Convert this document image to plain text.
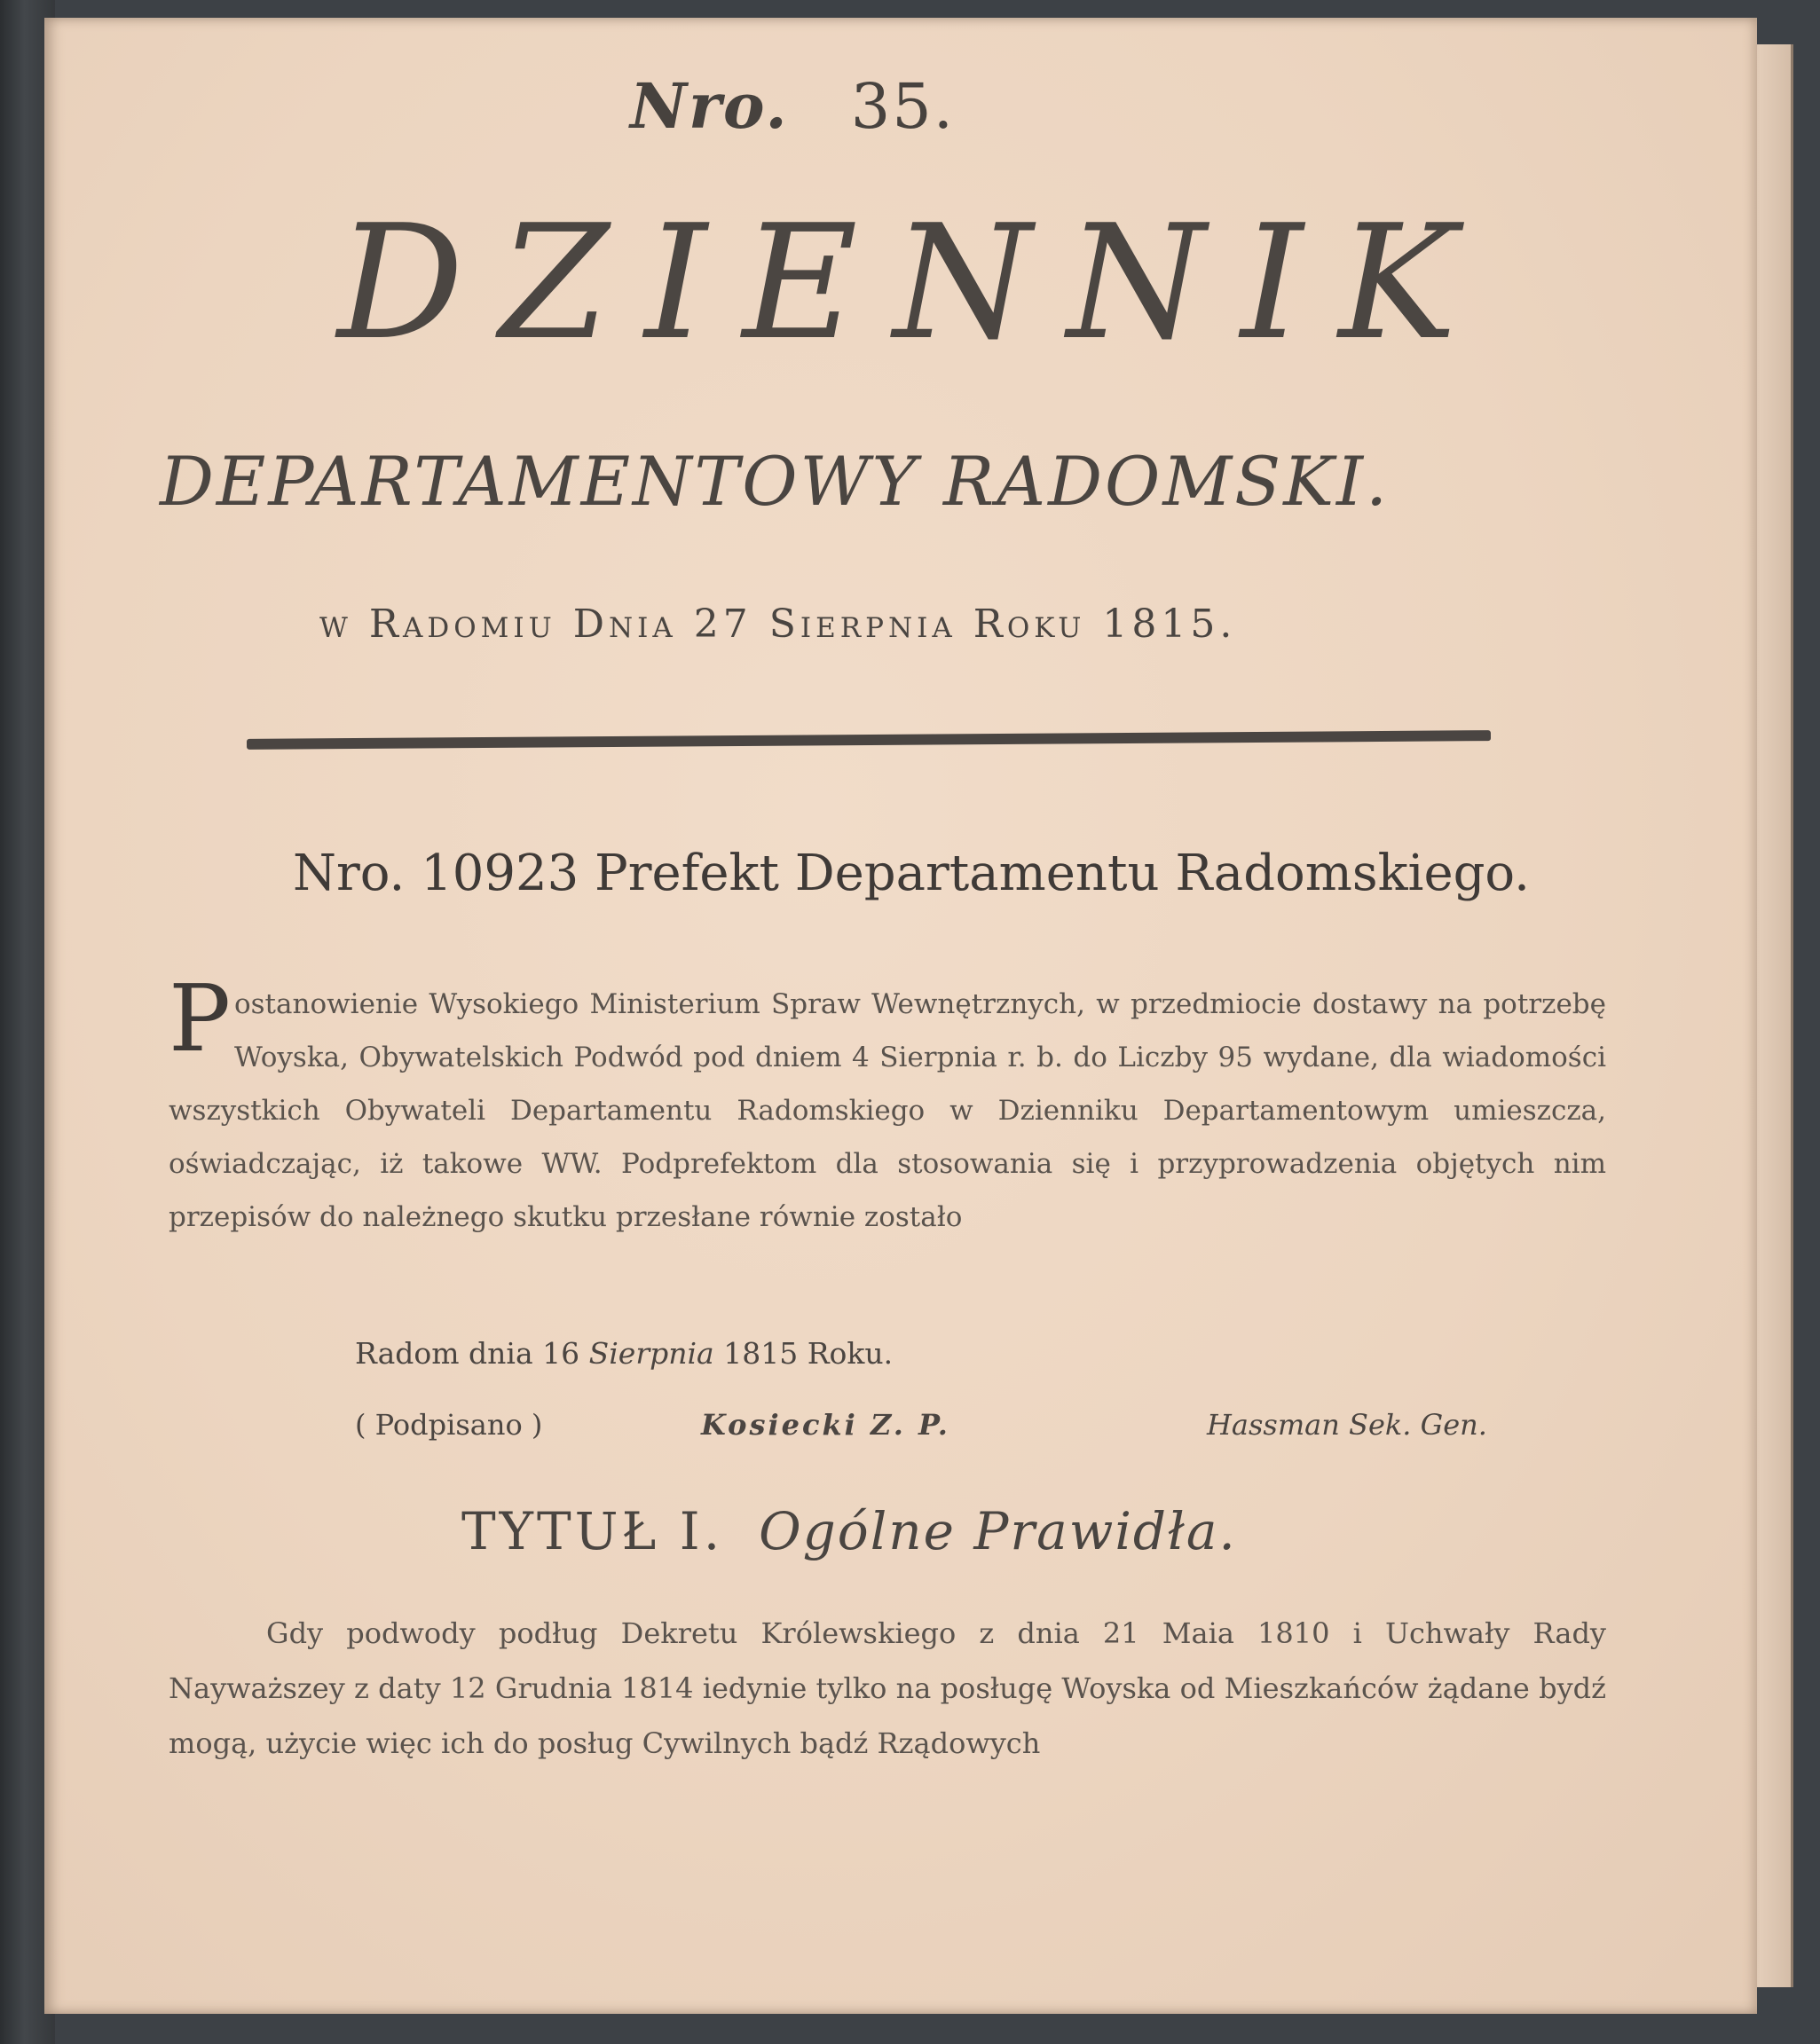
Nro. 35.
DZIENNIK
DEPARTAMENTOWY RADOMSKI.
w Radomiu Dnia 27 Sierpnia Roku 1815.
Nro. 10923 Prefekt Departamentu Radomskiego.
Postanowienie Wysokiego Ministerium Spraw Wewnętrznych, w przedmiocie dostawy na potrzebę Woyska, Obywatelskich Podwód pod dniem 4 Sierpnia r. b. do Liczby 95 wydane, dla wiadomości wszystkich Obywateli Departamentu Radomskiego w Dzienniku Departamentowym umieszcza, oświadczając, iż takowe WW. Podprefektom dla stosowania się i przyprowadzenia objętych nim przepisów do należnego skutku przesłane równie zostało
Radom dnia 16 Sierpnia 1815 Roku.
( Podpisano )	Kosiecki Z. P.	Hassman Sek. Gen.
TYTUŁ I. Ogólne Prawidła.
Gdy podwody podług Dekretu Królewskiego z dnia 21 Maia 1810 i Uchwały Rady Nayważszey z daty 12 Grudnia 1814 iedynie tylko na posługę Woyska od Mieszkańców żądane bydź mogą, użycie więc ich do posług Cywilnych bądź Rządowych
